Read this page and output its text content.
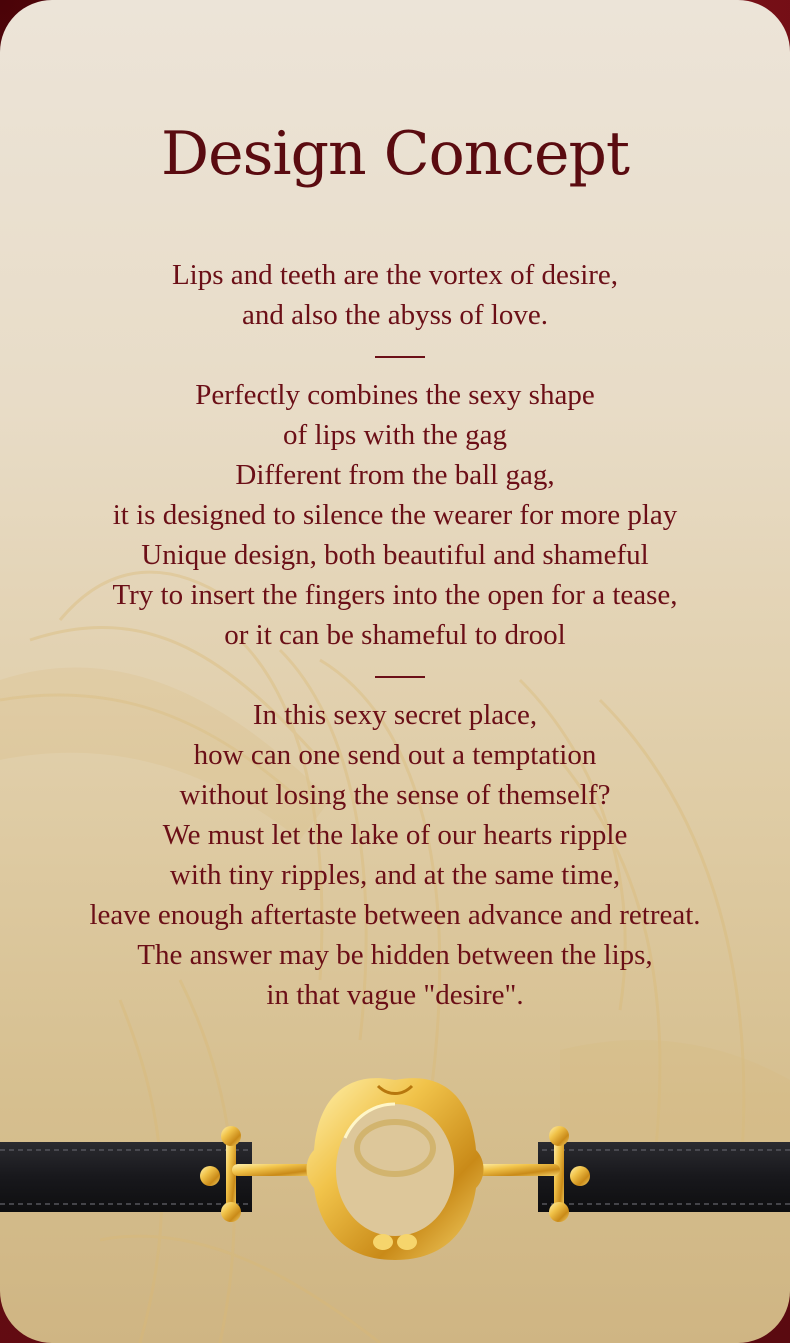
Design Concept
Lips and teeth are the vortex of desire,
and also the abyss of love.
Perfectly combines the sexy shape
of lips with the gag
Different from the ball gag,
it is designed to silence the wearer for more play
Unique design, both beautiful and shameful
Try to insert the fingers into the open for a tease,
or it can be shameful to drool
In this sexy secret place,
how can one send out a temptation
without losing the sense of themself?
We must let the lake of our hearts ripple
with tiny ripples, and at the same time,
leave enough aftertaste between advance and retreat.
The answer may be hidden between the lips,
in that vague "desire".
